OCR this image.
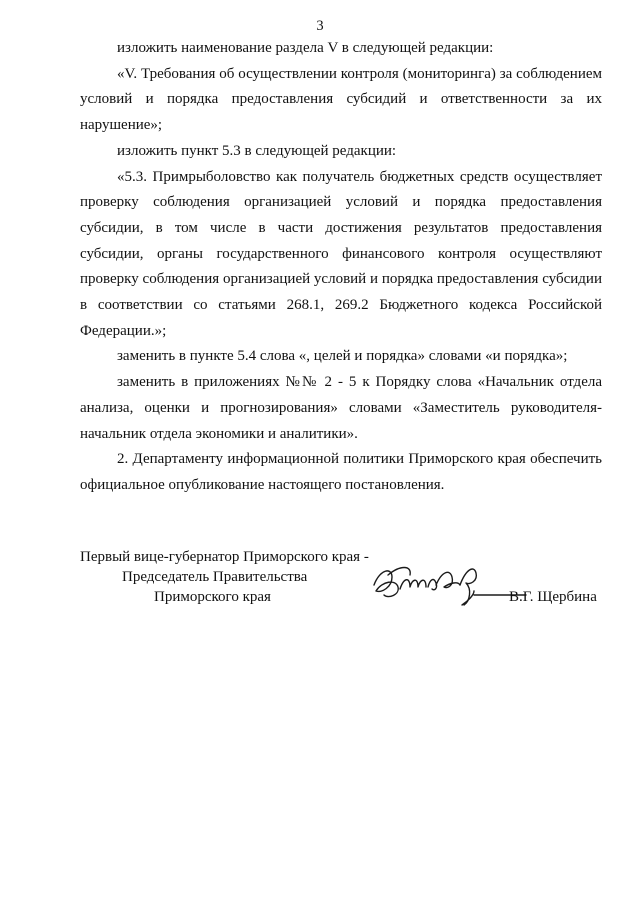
3

изложить наименование раздела V в следующей редакции:

«V. Требования об осуществлении контроля (мониторинга) за соблюдением условий и порядка предоставления субсидий и ответственности за их нарушение»;

изложить пункт 5.3 в следующей редакции:

«5.3. Примрыболовство как получатель бюджетных средств осуществляет проверку соблюдения организацией условий и порядка предоставления субсидии, в том числе в части достижения результатов предоставления субсидии, органы государственного финансового контроля осуществляют проверку соблюдения организацией условий и порядка предоставления субсидии в соответствии со статьями 268.1, 269.2 Бюджетного кодекса Российской Федерации.»;

заменить в пункте 5.4 слова «, целей и порядка» словами «и порядка»;

заменить в приложениях №№ 2 - 5 к Порядку слова «Начальник отдела анализа, оценки и прогнозирования» словами «Заместитель руководителя-начальник отдела экономики и аналитики».

2. Департаменту информационной политики Приморского края обеспечить официальное опубликование настоящего постановления.

Первый вице-губернатор Приморского края -
Председатель Правительства
Приморского края	В.Г. Щербина
